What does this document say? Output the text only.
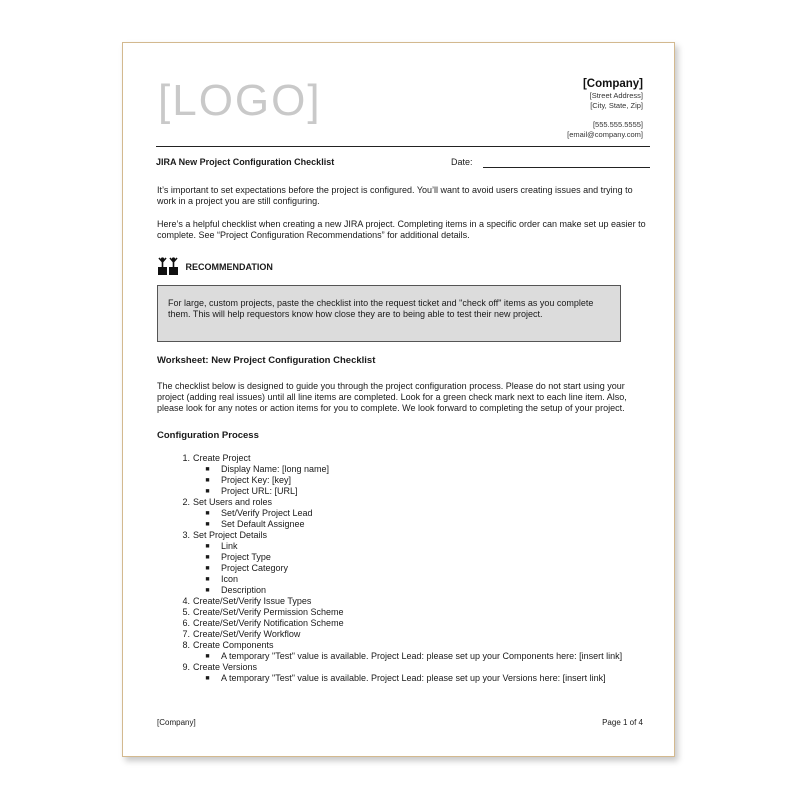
[LOGO]	[Company]
[Street Address]
[City, State, Zip]
[555.555.5555]
[email@company.com]
JIRA New Project Configuration Checklist	Date:
It’s important to set expectations before the project is configured. You’ll want to avoid users creating issues and trying to work in a project you are still configuring.
Here’s a helpful checklist when creating a new JIRA project. Completing items in a specific order can make set up easier to complete. See “Project Configuration Recommendations” for additional details.
RECOMMENDATION
For large, custom projects, paste the checklist into the request ticket and "check off" items as you complete them. This will help requestors know how close they are to being able to test their new project.
Worksheet: New Project Configuration Checklist
The checklist below is designed to guide you through the project configuration process. Please do not start using your project (adding real issues) until all line items are completed. Look for a green check mark next to each line item. Also, please look for any notes or action items for you to complete. We look forward to completing the setup of your project.
Configuration Process
1. Create Project
■	Display Name: [long name]
■	Project Key: [key]
■	Project URL: [URL]
2. Set Users and roles
■	Set/Verify Project Lead
■	Set Default Assignee
3. Set Project Details
■	Link
■	Project Type
■	Project Category
■	Icon
■	Description
4. Create/Set/Verify Issue Types
5. Create/Set/Verify Permission Scheme
6. Create/Set/Verify Notification Scheme
7. Create/Set/Verify Workflow
8. Create Components
■	A temporary "Test" value is available. Project Lead: please set up your Components here: [insert link]
9. Create Versions
■	A temporary "Test" value is available. Project Lead: please set up your Versions here: [insert link]
[Company]	Page 1 of 4
